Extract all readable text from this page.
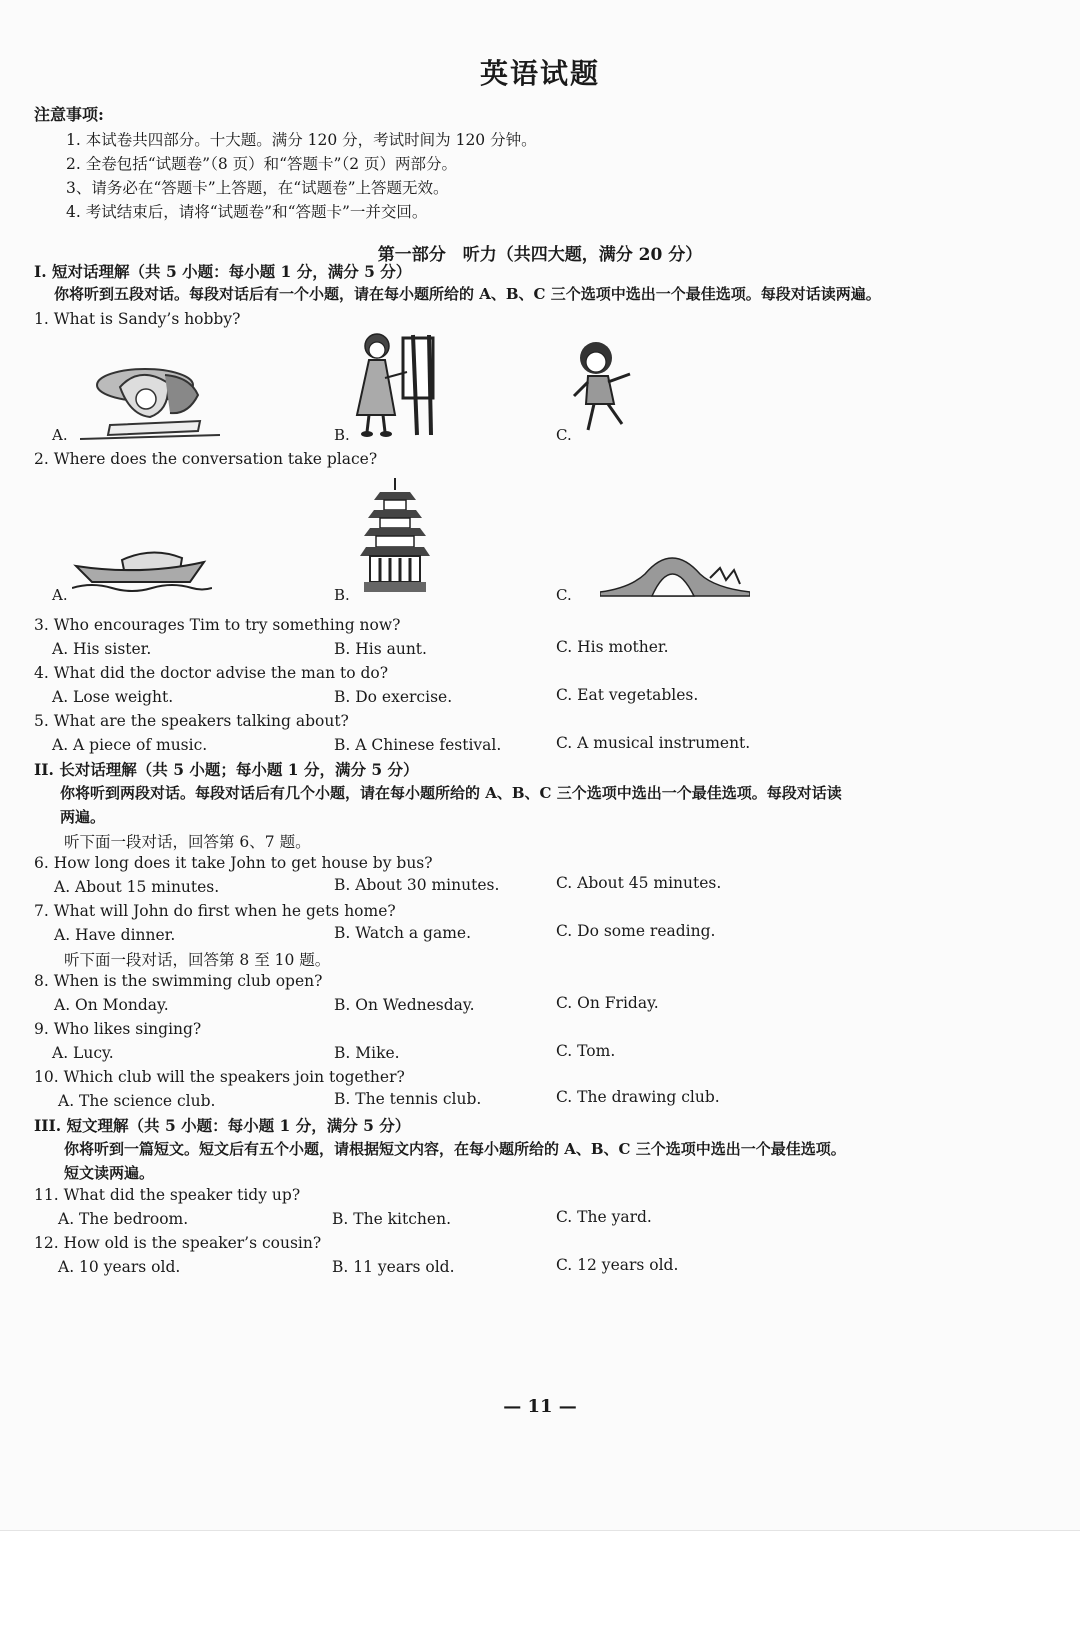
英语试题
注意事项:
1. 本试卷共四部分。十大题。满分 120 分，考试时间为 120 分钟。
2. 全卷包括“试题卷”（8 页）和“答题卡”（2 页）两部分。
3、请务必在“答题卡”上答题，在“试题卷”上答题无效。
4. 考试结束后，请将“试题卷”和“答题卡”一并交回。
第一部分　听力（共四大题，满分 20 分）
I. 短对话理解（共 5 小题：每小题 1 分，满分 5 分）
你将听到五段对话。每段对话后有一个小题，请在每小题所给的 A、B、C 三个选项中选出一个最佳选项。每段对话读两遍。
1. What is Sandy’s hobby?
A.	B.	C.
2. Where does the conversation take place?
A.	B.	C.
3. Who encourages Tim to try something now?
A. His sister.	B. His aunt.	C. His mother.
4. What did the doctor advise the man to do?
A. Lose weight.	B. Do exercise.	C. Eat vegetables.
5. What are the speakers talking about?
A. A piece of music.	B. A Chinese festival.	C. A musical instrument.
II. 长对话理解（共 5 小题；每小题 1 分，满分 5 分）
你将听到两段对话。每段对话后有几个小题，请在每小题所给的 A、B、C 三个选项中选出一个最佳选项。每段对话读
两遍。
听下面一段对话，回答第 6、7 题。
6. How long does it take John to get house by bus?
A. About 15 minutes.	B. About 30 minutes.	C. About 45 minutes.
7. What will John do first when he gets home?
A. Have dinner.	B. Watch a game.	C. Do some reading.
听下面一段对话，回答第 8 至 10 题。
8. When is the swimming club open?
A. On Monday.	B. On Wednesday.	C. On Friday.
9. Who likes singing?
A. Lucy.	B. Mike.	C. Tom.
10. Which club will the speakers join together?
A. The science club.	B. The tennis club.	C. The drawing club.
III. 短文理解（共 5 小题：每小题 1 分，满分 5 分）
你将听到一篇短文。短文后有五个小题，请根据短文内容，在每小题所给的 A、B、C 三个选项中选出一个最佳选项。
短文读两遍。
11. What did the speaker tidy up?
A. The bedroom.	B. The kitchen.	C. The yard.
12. How old is the speaker’s cousin?
A. 10 years old.	B. 11 years old.	C. 12 years old.
— 11 —
